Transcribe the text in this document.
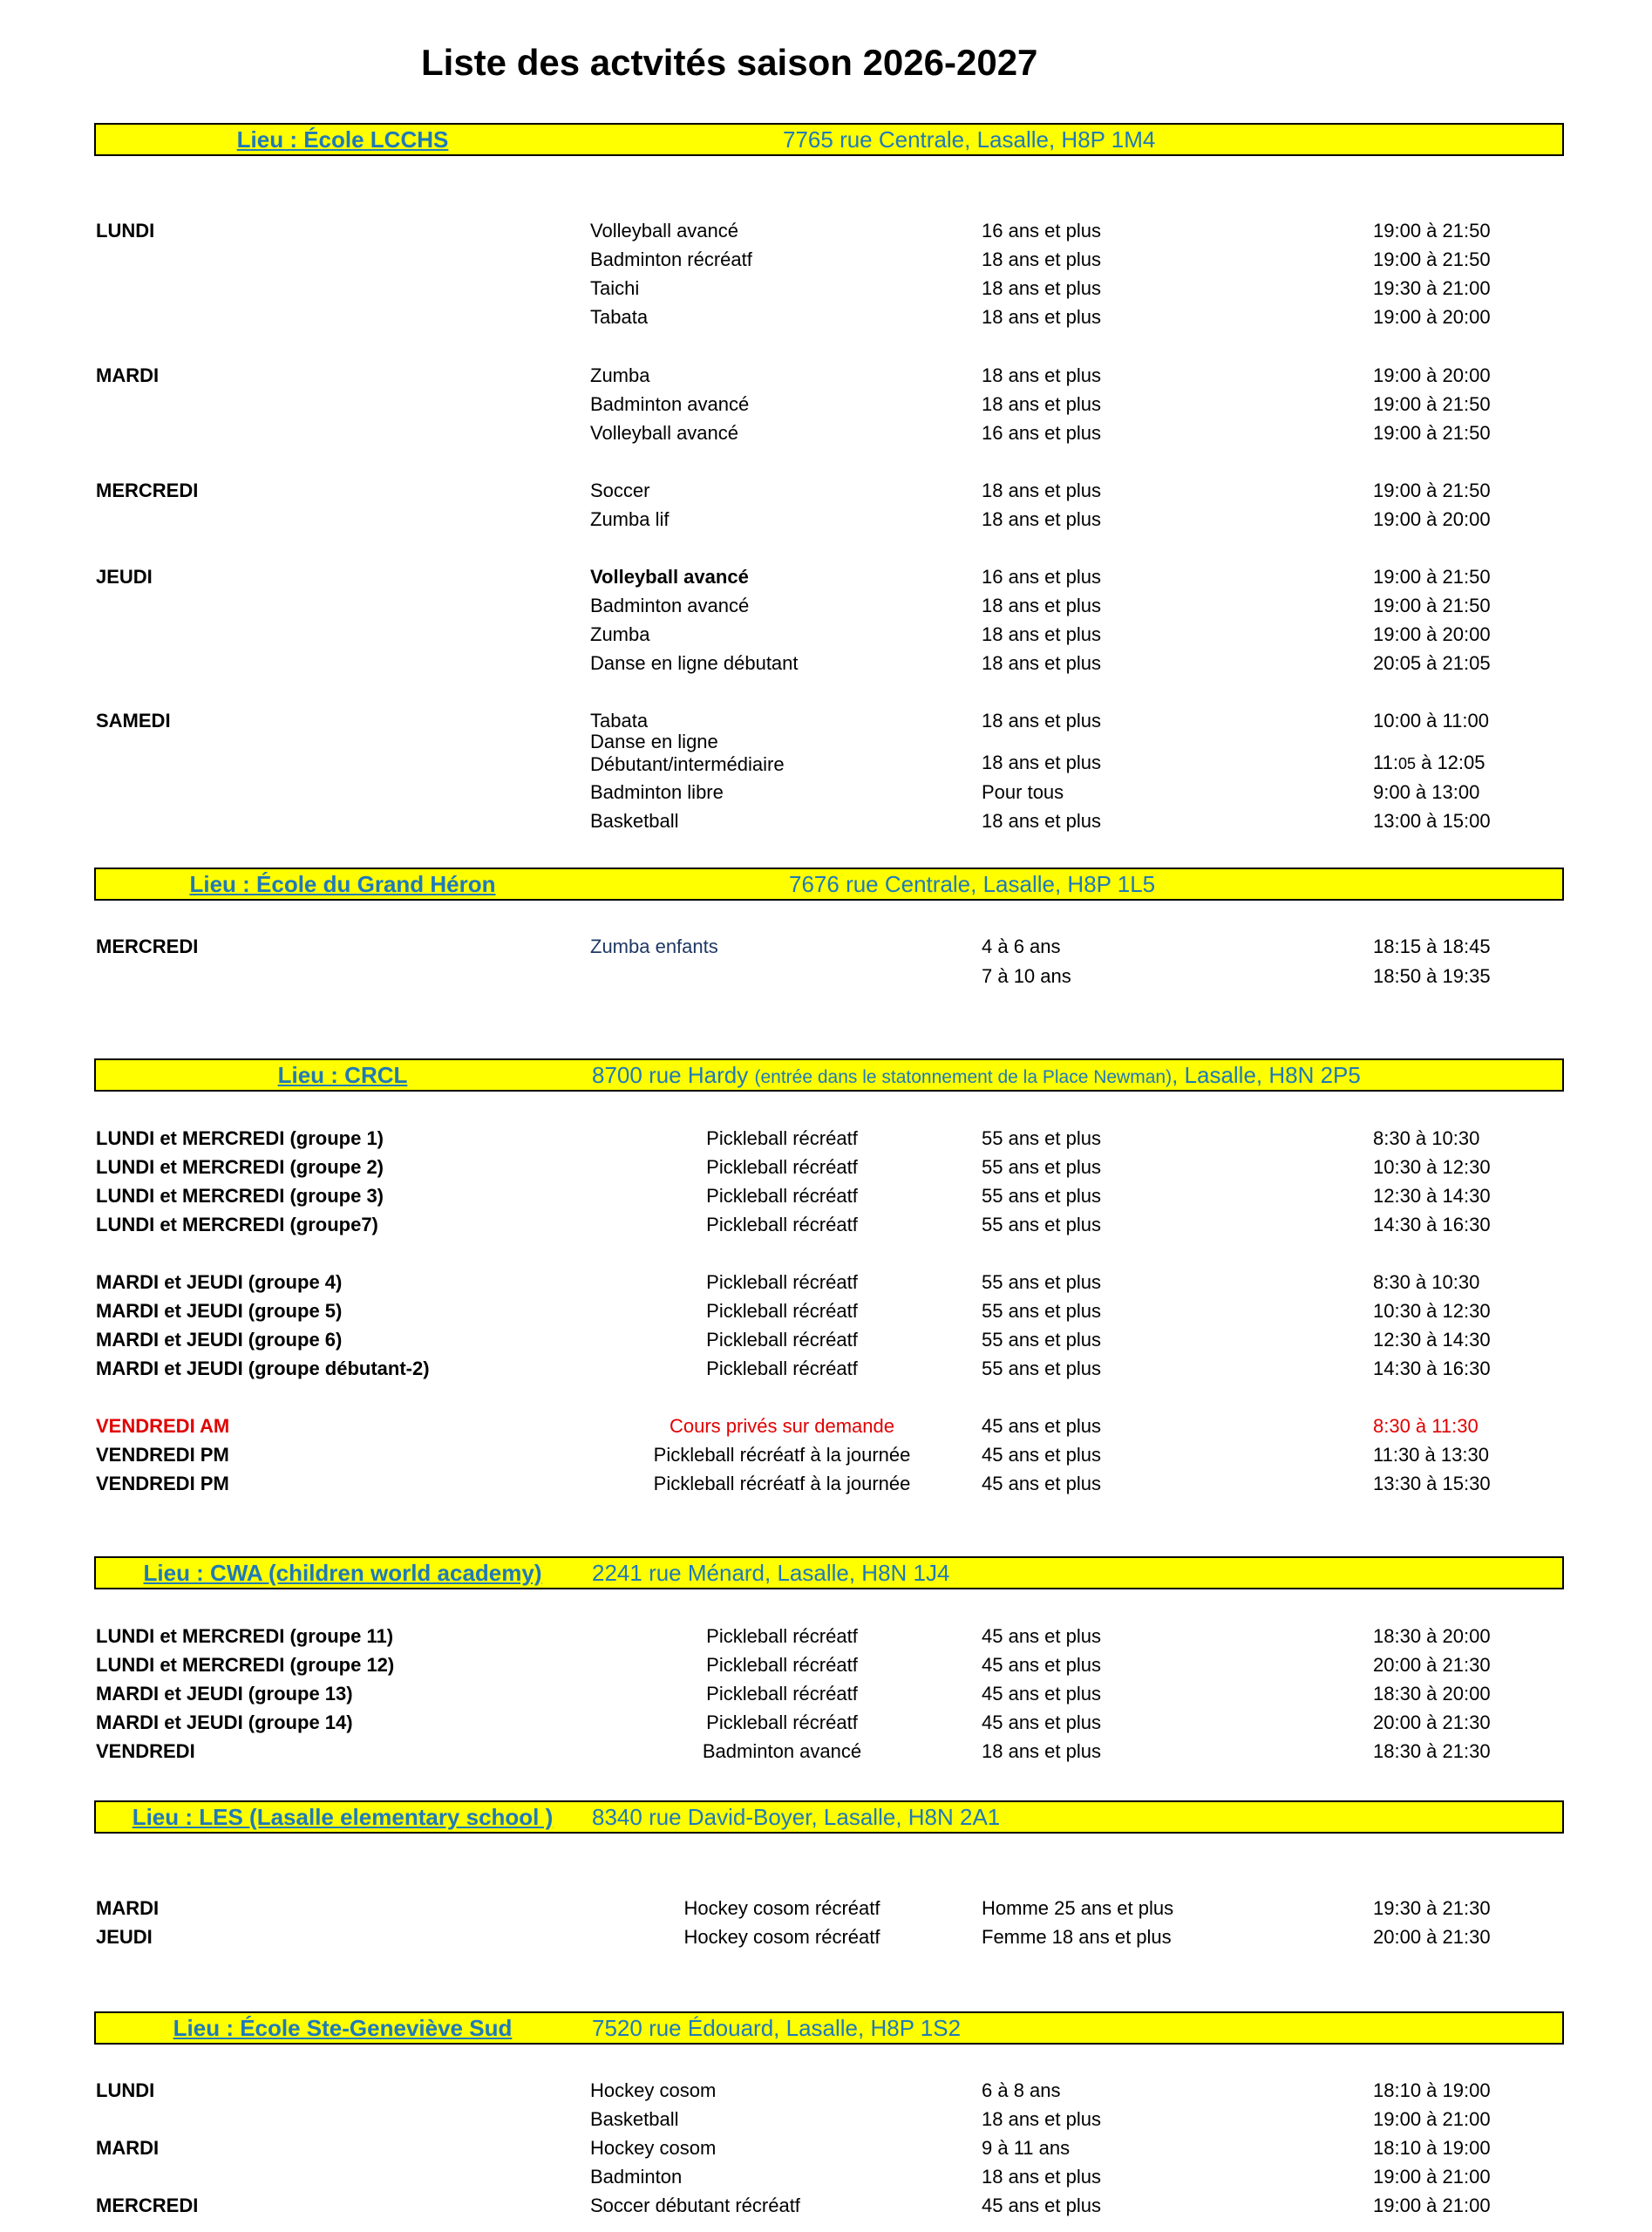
Liste des actvités saison 2026-2027
Lieu : École LCCHS	7765 rue Centrale, Lasalle, H8P 1M4
LUNDI	Volleyball avancé	16 ans et plus	19:00 à 21:50
Badminton récréatf	18 ans et plus	19:00 à 21:50
Taichi	18 ans et plus	19:30 à 21:00
Tabata	18 ans et plus	19:00 à 20:00
MARDI	Zumba	18 ans et plus	19:00 à 20:00
Badminton avancé	18 ans et plus	19:00 à 21:50
Volleyball avancé	16 ans et plus	19:00 à 21:50
MERCREDI	Soccer	18 ans et plus	19:00 à 21:50
Zumba lif	18 ans et plus	19:00 à 20:00
JEUDI	Volleyball avancé	16 ans et plus	19:00 à 21:50
Badminton avancé	18 ans et plus	19:00 à 21:50
Zumba	18 ans et plus	19:00 à 20:00
Danse en ligne débutant	18 ans et plus	20:05 à 21:05
SAMEDI	Tabata	18 ans et plus	10:00 à 11:00
Danse en ligne
Débutant/intermédiaire	18 ans et plus	11:05 à 12:05
Badminton libre	Pour tous	9:00 à 13:00
Basketball	18 ans et plus	13:00 à 15:00
Lieu : École du Grand Héron	7676 rue Centrale, Lasalle, H8P 1L5
MERCREDI	Zumba enfants	4 à 6 ans	18:15 à 18:45
7 à 10 ans	18:50 à 19:35
Lieu : CRCL	8700 rue Hardy (entrée dans le statonnement de la Place Newman), Lasalle, H8N 2P5
LUNDI et MERCREDI (groupe 1)	Pickleball récréatf	55 ans et plus	8:30 à 10:30
LUNDI et MERCREDI (groupe 2)	Pickleball récréatf	55 ans et plus	10:30 à 12:30
LUNDI et MERCREDI (groupe 3)	Pickleball récréatf	55 ans et plus	12:30 à 14:30
LUNDI et MERCREDI (groupe7)	Pickleball récréatf	55 ans et plus	14:30 à 16:30
MARDI et JEUDI (groupe 4)	Pickleball récréatf	55 ans et plus	8:30 à 10:30
MARDI et JEUDI (groupe 5)	Pickleball récréatf	55 ans et plus	10:30 à 12:30
MARDI et JEUDI (groupe 6)	Pickleball récréatf	55 ans et plus	12:30 à 14:30
MARDI et JEUDI (groupe débutant-2)	Pickleball récréatf	55 ans et plus	14:30 à 16:30
VENDREDI AM	Cours privés sur demande	45 ans et plus	8:30 à 11:30
VENDREDI PM	Pickleball récréatf à la journée	45 ans et plus	11:30 à 13:30
VENDREDI PM	Pickleball récréatf à la journée	45 ans et plus	13:30 à 15:30
Lieu : CWA (children world academy) 2241 rue Ménard, Lasalle, H8N 1J4
LUNDI et MERCREDI (groupe 11)	Pickleball récréatf	45 ans et plus	18:30 à 20:00
LUNDI et MERCREDI (groupe 12)	Pickleball récréatf	45 ans et plus	20:00 à 21:30
MARDI et JEUDI (groupe 13)	Pickleball récréatf	45 ans et plus	18:30 à 20:00
MARDI et JEUDI (groupe 14)	Pickleball récréatf	45 ans et plus	20:00 à 21:30
VENDREDI	Badminton avancé	18 ans et plus	18:30 à 21:30
Lieu : LES (Lasalle elementary school ) 8340 rue David-Boyer, Lasalle, H8N 2A1
MARDI	Hockey cosom récréatf	Homme 25 ans et plus	19:30 à 21:30
JEUDI	Hockey cosom récréatf	Femme 18 ans et plus	20:00 à 21:30
Lieu : École Ste-Geneviève Sud	7520 rue Édouard, Lasalle, H8P 1S2
LUNDI	Hockey cosom	6 à 8 ans	18:10 à 19:00
Basketball	18 ans et plus	19:00 à 21:00
MARDI	Hockey cosom	9 à 11 ans	18:10 à 19:00
Badminton	18 ans et plus	19:00 à 21:00
MERCREDI	Soccer débutant récréatf	45 ans et plus	19:00 à 21:00
